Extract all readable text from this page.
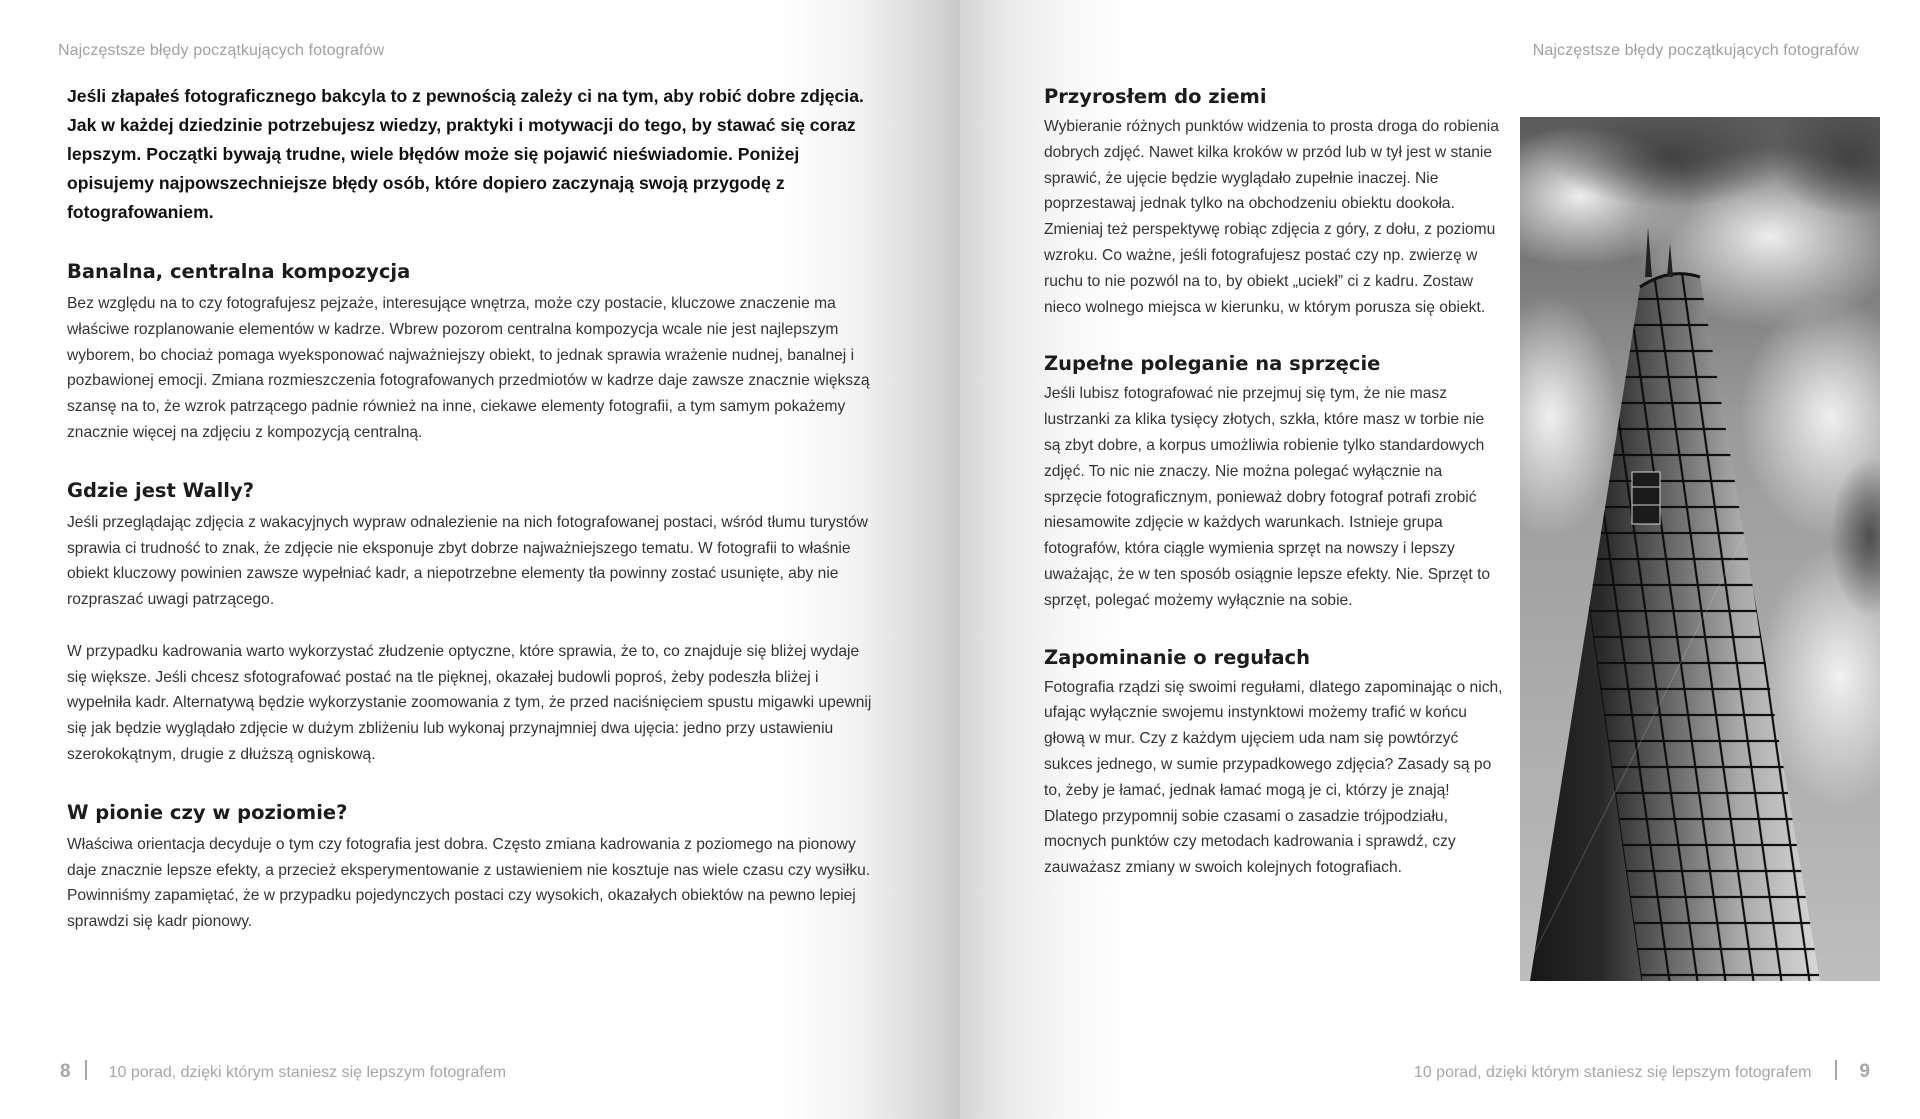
Najczęstsze błędy początkujących fotografów
Jeśli złapałeś fotograficznego bakcyla to z pewnością zależy ci na tym, aby robić dobre zdjęcia. Jak w każdej dziedzinie potrzebujesz wiedzy, praktyki i motywacji do tego, by stawać się coraz lepszym. Początki bywają trudne, wiele błędów może się pojawić nieświadomie. Poniżej opisujemy najpowszechniejsze błędy osób, które dopiero zaczynają swoją przygodę z fotografowaniem.
Banalna, centralna kompozycja

Bez względu na to czy fotografujesz pejzaże, interesujące wnętrza, może czy postacie, kluczowe znaczenie ma właściwe rozplanowanie elementów w kadrze. Wbrew pozorom centralna kompozycja wcale nie jest najlepszym wyborem, bo chociaż pomaga wyeksponować najważniejszy obiekt, to jednak sprawia wrażenie nudnej, banalnej i pozbawionej emocji. Zmiana rozmieszczenia fotografowanych przedmiotów w kadrze daje zawsze znacznie większą szansę na to, że wzrok patrzącego padnie również na inne, ciekawe elementy fotografii, a tym samym pokażemy znacznie więcej na zdjęciu z kompozycją centralną.

Gdzie jest Wally?

Jeśli przeglądając zdjęcia z wakacyjnych wypraw odnalezienie na nich fotografowanej postaci, wśród tłumu turystów sprawia ci trudność to znak, że zdjęcie nie eksponuje zbyt dobrze najważniejszego tematu. W fotografii to właśnie obiekt kluczowy powinien zawsze wypełniać kadr, a niepotrzebne elementy tła powinny zostać usunięte, aby nie rozpraszać uwagi patrzącego.

W przypadku kadrowania warto wykorzystać złudzenie optyczne, które sprawia, że to, co znajduje się bliżej wydaje się większe. Jeśli chcesz sfotografować postać na tle pięknej, okazałej budowli poproś, żeby podeszła bliżej i wypełniła kadr. Alternatywą będzie wykorzystanie zoomowania z tym, że przed naciśnięciem spustu migawki upewnij się jak będzie wyglądało zdjęcie w dużym zbliżeniu lub wykonaj przynajmniej dwa ujęcia: jedno przy ustawieniu szerokokątnym, drugie z dłuższą ogniskową.

W pionie czy w poziomie?

Właściwa orientacja decyduje o tym czy fotografia jest dobra. Często zmiana kadrowania z poziomego na pionowy daje znacznie lepsze efekty, a przecież eksperymentowanie z ustawieniem nie kosztuje nas wiele czasu czy wysiłku. Powinniśmy zapamiętać, że w przypadku pojedynczych postaci czy wysokich, okazałych obiektów na pewno lepiej sprawdzi się kadr pionowy.

8 10 porad, dzięki którym staniesz się lepszym fotografem
Najczęstsze błędy początkujących fotografów
Przyrosłem do ziemi

Wybieranie różnych punktów widzenia to prosta droga do robienia dobrych zdjęć. Nawet kilka kroków w przód lub w tył jest w stanie sprawić, że ujęcie będzie wyglądało zupełnie inaczej. Nie poprzestawaj jednak tylko na obchodzeniu obiektu dookoła. Zmieniaj też perspektywę robiąc zdjęcia z góry, z dołu, z poziomu wzroku. Co ważne, jeśli fotografujesz postać czy np. zwierzę w ruchu to nie pozwól na to, by obiekt „uciekł” ci z kadru. Zostaw nieco wolnego miejsca w kierunku, w którym porusza się obiekt.

Zupełne poleganie na sprzęcie

Jeśli lubisz fotografować nie przejmuj się tym, że nie masz lustrzanki za klika tysięcy złotych, szkła, które masz w torbie nie są zbyt dobre, a korpus umożliwia robienie tylko standardowych zdjęć. To nic nie znaczy. Nie można polegać wyłącznie na sprzęcie fotograficznym, ponieważ dobry fotograf potrafi zrobić niesamowite zdjęcie w każdych warunkach. Istnieje grupa fotografów, która ciągle wymienia sprzęt na nowszy i lepszy uważając, że w ten sposób osiągnie lepsze efekty. Nie. Sprzęt to sprzęt, polegać możemy wyłącznie na sobie.

Zapominanie o regułach

Fotografia rządzi się swoimi regułami, dlatego zapominając o nich, ufając wyłącznie swojemu instynktowi możemy trafić w końcu głową w mur. Czy z każdym ujęciem uda nam się powtórzyć sukces jednego, w sumie przypadkowego zdjęcia? Zasady są po to, żeby je łamać, jednak łamać mogą je ci, którzy je znają! Dlatego przypomnij sobie czasami o zasadzie trójpodziału, mocnych punktów czy metodach kadrowania i sprawdź, czy zauważasz zmiany w swoich kolejnych fotografiach.

10 porad, dzięki którym staniesz się lepszym fotografem	9
